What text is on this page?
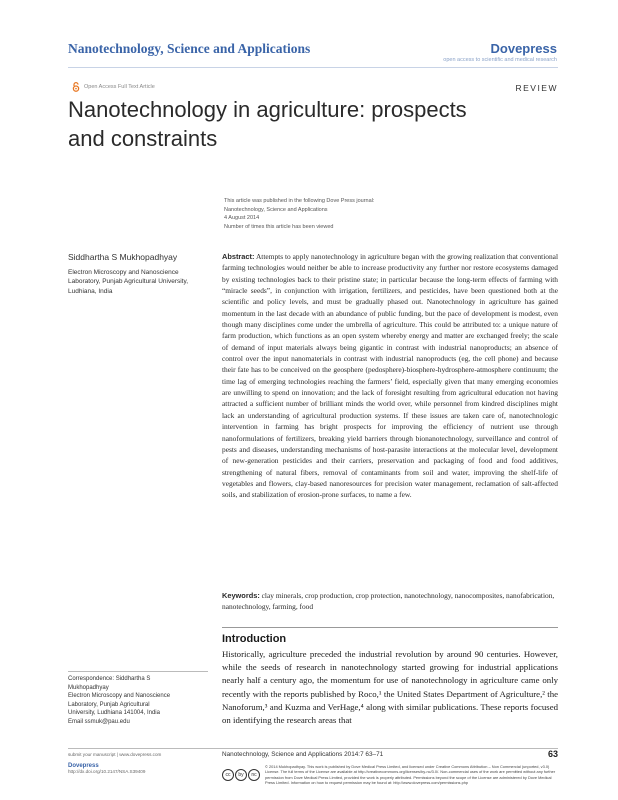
Nanotechnology, Science and Applications	Dovepress
open access to scientific and medical research
Open Access Full Text Article	REVIEW
Nanotechnology in agriculture: prospects
and constraints
This article was published in the following Dove Press journal:
Nanotechnology, Science and Applications
4 August 2014
Number of times this article has been viewed
Siddhartha S Mukhopadhyay
Electron Microscopy and Nanoscience Laboratory, Punjab Agricultural University, Ludhiana, India
Abstract: Attempts to apply nanotechnology in agriculture began with the growing realization that conventional farming technologies would neither be able to increase productivity any further nor restore ecosystems damaged by existing technologies back to their pristine state; in particular because the long-term effects of farming with “miracle seeds”, in conjunction with irrigation, fertilizers, and pesticides, have been questioned both at the scientific and policy levels, and must be gradually phased out. Nanotechnology in agriculture has gained momentum in the last decade with an abundance of public funding, but the pace of development is modest, even though many disciplines come under the umbrella of agriculture. This could be attributed to: a unique nature of farm production, which functions as an open system whereby energy and matter are exchanged freely; the scale of demand of input materials always being gigantic in contrast with industrial nanoproducts; an absence of control over the input nanomaterials in contrast with industrial nanoproducts (eg, the cell phone) and because their fate has to be conceived on the geosphere (pedosphere)-biosphere-hydrosphere-atmosphere continuum; the time lag of emerging technologies reaching the farmers’ field, especially given that many emerging economies are unwilling to spend on innovation; and the lack of foresight resulting from agricultural education not having attracted a sufficient number of brilliant minds the world over, while personnel from kindred disciplines might lack an understanding of agricultural production systems. If these issues are taken care of, nanotechnologic intervention in farming has bright prospects for improving the efficiency of nutrient use through nanoformulations of fertilizers, breaking yield barriers through bionanotechnology, surveillance and control of pests and diseases, understanding mechanisms of host-parasite interactions at the molecular level, development of new-generation pesticides and their carriers, preservation and packaging of food and food additives, strengthening of natural fibers, removal of contaminants from soil and water, improving the shelf-life of vegetables and flowers, clay-based nanoresources for precision water management, reclamation of salt-affected soils, and stabilization of erosion-prone surfaces, to name a few.
Keywords: clay minerals, crop production, crop protection, nanotechnology, nanocomposites, nanofabrication, nanotechnology, farming, food
Introduction
Historically, agriculture preceded the industrial revolution by around 90 centuries. However, while the seeds of research in nanotechnology started growing for industrial applications nearly half a century ago, the momentum for use of nanotechnology in agriculture came only recently with the reports published by Roco,¹ the United States Department of Agriculture,² the Nanoforum,³ and Kuzma and VerHage,⁴ along with similar publications. These reports focused on identifying the research areas that
Correspondence: Siddhartha S
Mukhopadhyay
Electron Microscopy and Nanoscience
Laboratory, Punjab Agricultural
University, Ludhiana 141004, India
Email ssmuk@pau.edu
submit your manuscript | www.dovepress.com
Dovepress
http://dx.doi.org/10.2147/NSA.S39409
Nanotechnology, Science and Applications 2014:7 63–71	63
cc	by	nc
© 2014 Mukhopadhyay. This work is published by Dove Medical Press Limited, and licensed under Creative Commons Attribution – Non Commercial (unported, v3.0) License. The full terms of the License are available at http://creativecommons.org/licenses/by-nc/3.0/. Non-commercial uses of the work are permitted without any further permission from Dove Medical Press Limited, provided the work is properly attributed. Permissions beyond the scope of the License are administered by Dove Medical Press Limited. Information on how to request permission may be found at: http://www.dovepress.com/permissions.php
